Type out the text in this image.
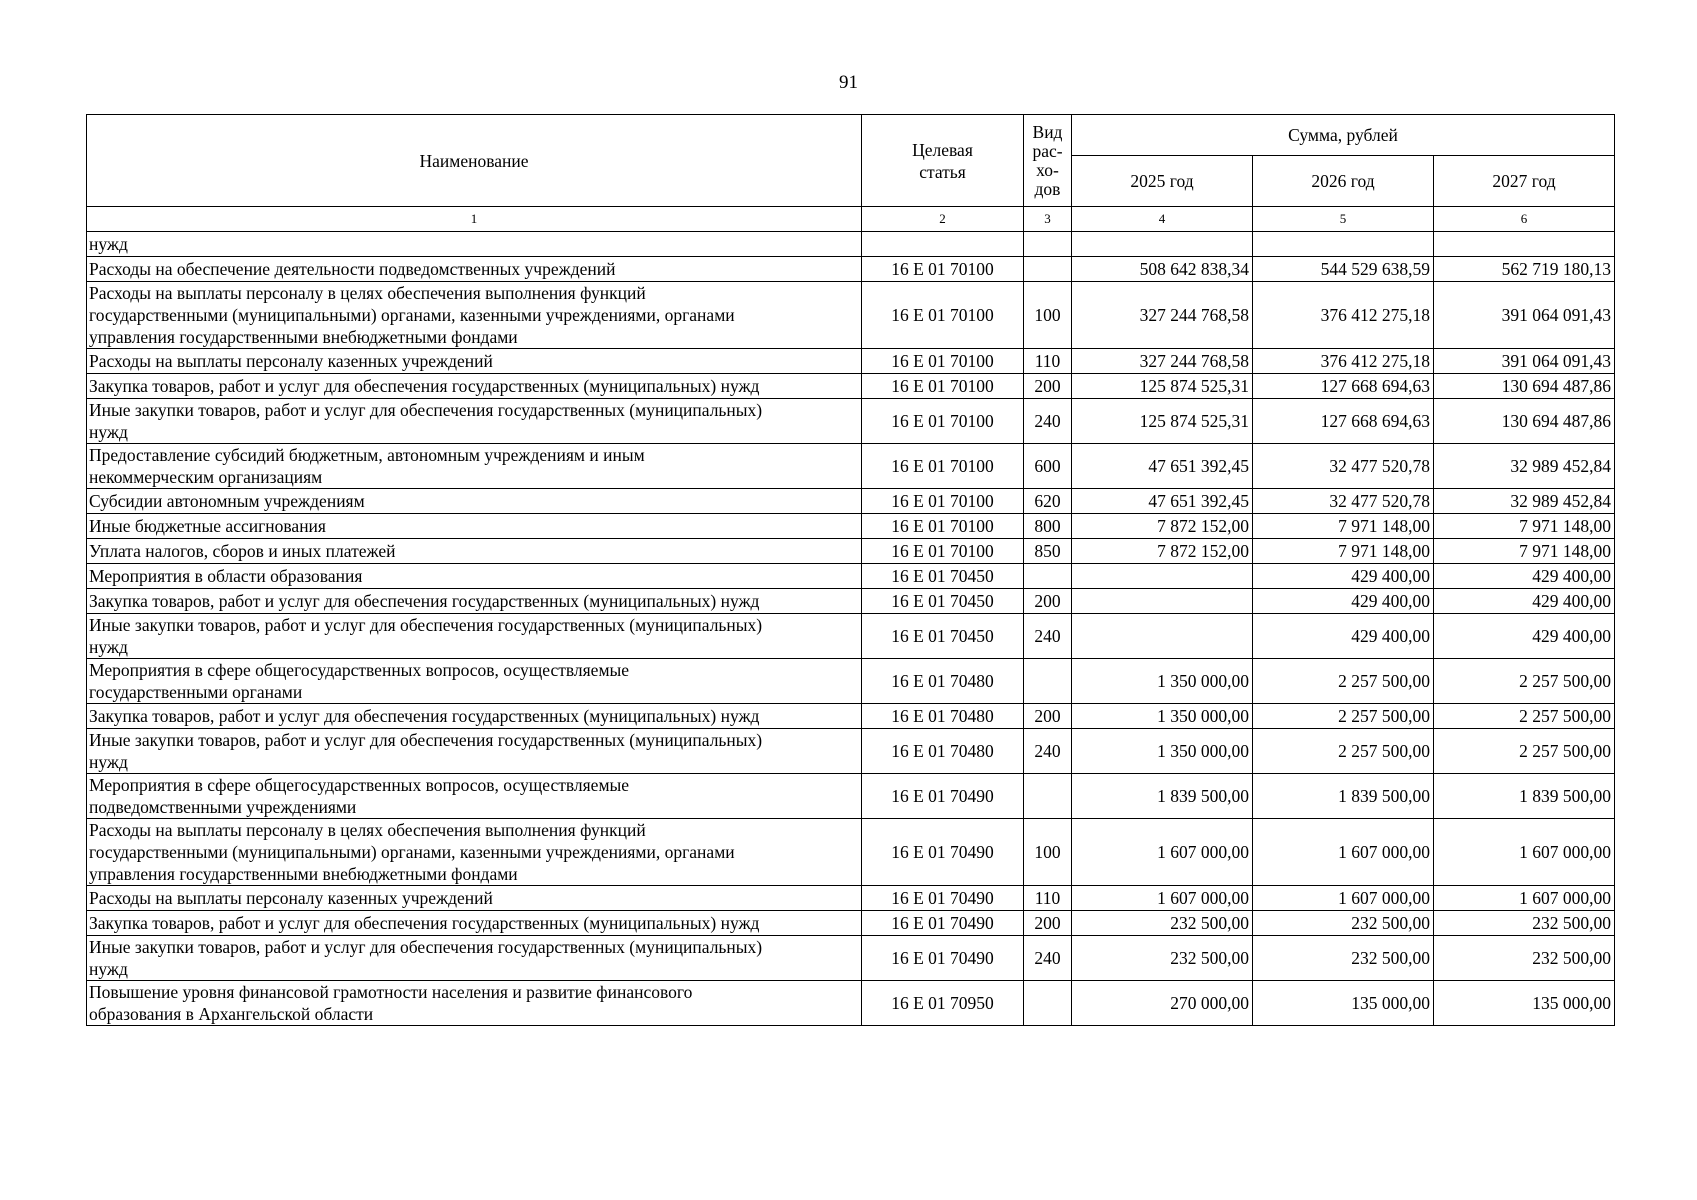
91
Наименование	Целевая статья	Вид
рас-
хо-
дов	Сумма, рублей		
			2025 год	2026 год	2027 год
1	2	3	4	5	6

нужд					

Расходы на обеспечение деятельности подведомственных учреждений	16 Е 01 70100		508 642 838,34	544 529 638,59	562 719 180,13

Расходы на выплаты персоналу в целях обеспечения выполнения функций
государственными (муниципальными) органами, казенными учреждениями, органами
управления государственными внебюджетными фондами	16 Е 01 70100	100	327 244 768,58	376 412 275,18	391 064 091,43

Расходы на выплаты персоналу казенных учреждений	16 Е 01 70100	110	327 244 768,58	376 412 275,18	391 064 091,43

Закупка товаров, работ и услуг для обеспечения государственных (муниципальных) нужд	16 Е 01 70100	200	125 874 525,31	127 668 694,63	130 694 487,86

Иные закупки товаров, работ и услуг для обеспечения государственных (муниципальных)
нужд	16 Е 01 70100	240	125 874 525,31	127 668 694,63	130 694 487,86

Предоставление субсидий бюджетным, автономным учреждениям и иным
некоммерческим организациям	16 Е 01 70100	600	47 651 392,45	32 477 520,78	32 989 452,84

Субсидии автономным учреждениям	16 Е 01 70100	620	47 651 392,45	32 477 520,78	32 989 452,84

Иные бюджетные ассигнования	16 Е 01 70100	800	7 872 152,00	7 971 148,00	7 971 148,00

Уплата налогов, сборов и иных платежей	16 Е 01 70100	850	7 872 152,00	7 971 148,00	7 971 148,00

Мероприятия в области образования	16 Е 01 70450			429 400,00	429 400,00

Закупка товаров, работ и услуг для обеспечения государственных (муниципальных) нужд	16 Е 01 70450	200		429 400,00	429 400,00

Иные закупки товаров, работ и услуг для обеспечения государственных (муниципальных)
нужд	16 Е 01 70450	240		429 400,00	429 400,00

Мероприятия в сфере общегосударственных вопросов, осуществляемые
государственными органами	16 Е 01 70480		1 350 000,00	2 257 500,00	2 257 500,00

Закупка товаров, работ и услуг для обеспечения государственных (муниципальных) нужд	16 Е 01 70480	200	1 350 000,00	2 257 500,00	2 257 500,00

Иные закупки товаров, работ и услуг для обеспечения государственных (муниципальных)
нужд	16 Е 01 70480	240	1 350 000,00	2 257 500,00	2 257 500,00

Мероприятия в сфере общегосударственных вопросов, осуществляемые
подведомственными учреждениями	16 Е 01 70490		1 839 500,00	1 839 500,00	1 839 500,00

Расходы на выплаты персоналу в целях обеспечения выполнения функций
государственными (муниципальными) органами, казенными учреждениями, органами
управления государственными внебюджетными фондами	16 Е 01 70490	100	1 607 000,00	1 607 000,00	1 607 000,00

Расходы на выплаты персоналу казенных учреждений	16 Е 01 70490	110	1 607 000,00	1 607 000,00	1 607 000,00

Закупка товаров, работ и услуг для обеспечения государственных (муниципальных) нужд	16 Е 01 70490	200	232 500,00	232 500,00	232 500,00

Иные закупки товаров, работ и услуг для обеспечения государственных (муниципальных)
нужд	16 Е 01 70490	240	232 500,00	232 500,00	232 500,00

Повышение уровня финансовой грамотности населения и развитие финансового
образования в Архангельской области	16 Е 01 70950		270 000,00	135 000,00	135 000,00
